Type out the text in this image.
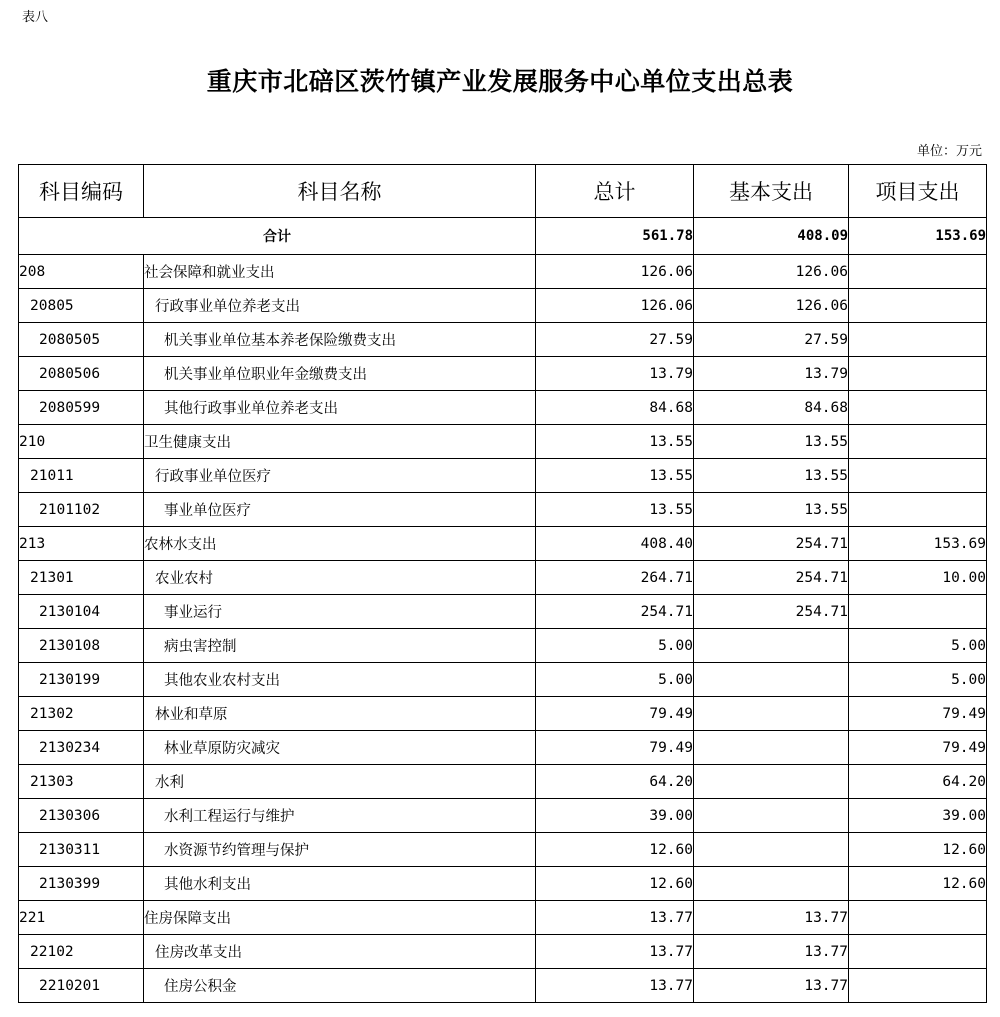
表八
重庆市北碚区茨竹镇产业发展服务中心单位支出总表
单位：万元
科目编码	科目名称	总计	基本支出	项目支出
合计		561.78	408.09	153.69
208	社会保障和就业支出	126.06	126.06	
20805	行政事业单位养老支出	126.06	126.06	
2080505	机关事业单位基本养老保险缴费支出	27.59	27.59	
2080506	机关事业单位职业年金缴费支出	13.79	13.79	
2080599	其他行政事业单位养老支出	84.68	84.68	
210	卫生健康支出	13.55	13.55	
21011	行政事业单位医疗	13.55	13.55	
2101102	事业单位医疗	13.55	13.55	
213	农林水支出	408.40	254.71	153.69
21301	农业农村	264.71	254.71	10.00
2130104	事业运行	254.71	254.71	
2130108	病虫害控制	5.00		5.00
2130199	其他农业农村支出	5.00		5.00
21302	林业和草原	79.49		79.49
2130234	林业草原防灾减灾	79.49		79.49
21303	水利	64.20		64.20
2130306	水利工程运行与维护	39.00		39.00
2130311	水资源节约管理与保护	12.60		12.60
2130399	其他水利支出	12.60		12.60
221	住房保障支出	13.77	13.77	
22102	住房改革支出	13.77	13.77	
2210201	住房公积金	13.77	13.77	
